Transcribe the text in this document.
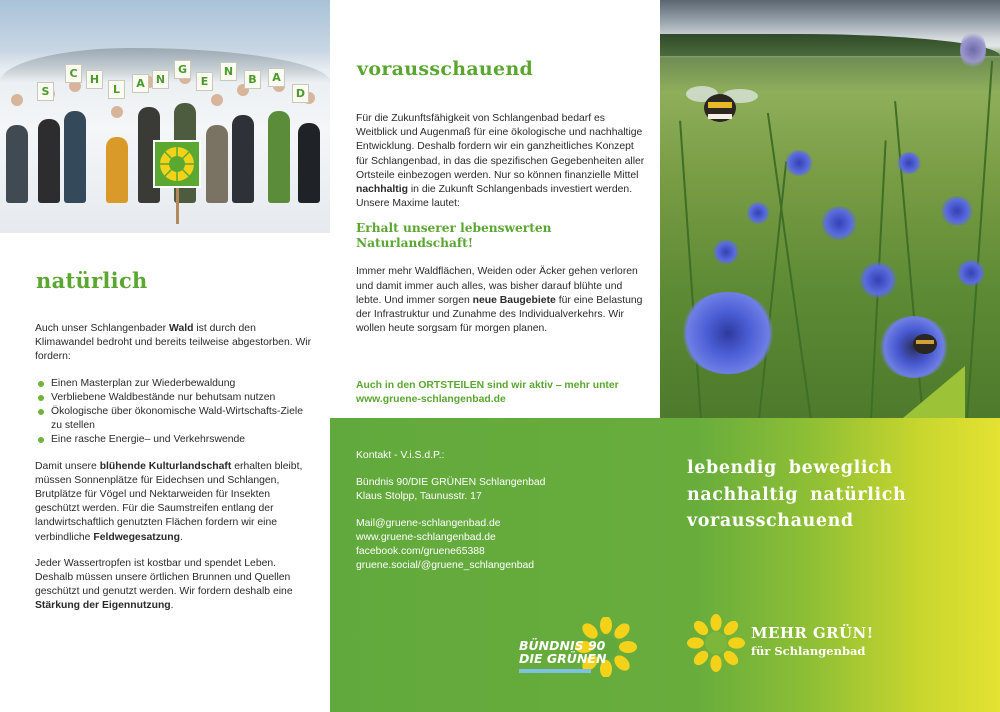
S
C	H
L	A	N
G
E
N
B	A
D
natürlich

Auch unser Schlangenbader Wald ist durch den Klimawandel bedroht und bereits teilweise abgestorben. Wir fordern:

Einen Masterplan zur Wiederbewaldung
Verbliebene Waldbestände nur behutsam nutzen
Ökologische über ökonomische Wald-Wirtschafts-Ziele zu stellen
Eine rasche Energie– und Verkehrswende

Damit unsere blühende Kulturlandschaft erhalten bleibt, müssen Sonnenplätze für Eidechsen und Schlangen, Brutplätze für Vögel und Nektarweiden für Insekten geschützt werden. Für die Saumstreifen entlang der landwirtschaftlich genutzten Flächen fordern wir eine verbindliche Feldwegesatzung.

Jeder Wassertropfen ist kostbar und spendet Leben. Deshalb müssen unsere örtlichen Brunnen und Quellen geschützt und genutzt werden. Wir fordern deshalb eine Stärkung der Eigennutzung.

vorausschauend

Für die Zukunftsfähigkeit von Schlangenbad bedarf es Weitblick und Augenmaß für eine ökologische und nachhaltige Entwicklung. Deshalb fordern wir ein ganzheitliches Konzept für Schlangenbad, in das die spezifischen Gegebenheiten aller Ortsteile einbezogen werden. Nur so können finanzielle Mittel nachhaltig in die Zukunft Schlangenbads investiert werden. Unsere Maxime lautet:

Erhalt unserer lebenswerten Naturlandschaft!

Immer mehr Waldflächen, Weiden oder Äcker gehen verloren und damit immer auch alles, was bisher darauf blühte und lebte. Und immer sorgen neue Baugebiete für eine Belastung der Infrastruktur und Zunahme des Individualverkehrs. Wir wollen heute sorgsam für morgen planen.

Auch in den ORTSTEILEN sind wir aktiv – mehr unter
www.gruene-schlangenbad.de

Kontakt - V.i.S.d.P.:

Bündnis 90/DIE GRÜNEN Schlangenbad
Klaus Stolpp, Taunusstr. 17

Mail@gruene-schlangenbad.de
www.gruene-schlangenbad.de
facebook.com/gruene65388
gruene.social/@gruene_schlangenbad

BÜNDNIS 90
DIE GRÜNEN
lebendig beweglich
nachhaltig natürlich
vorausschauend
MEHR GRÜN!
für Schlangenbad
